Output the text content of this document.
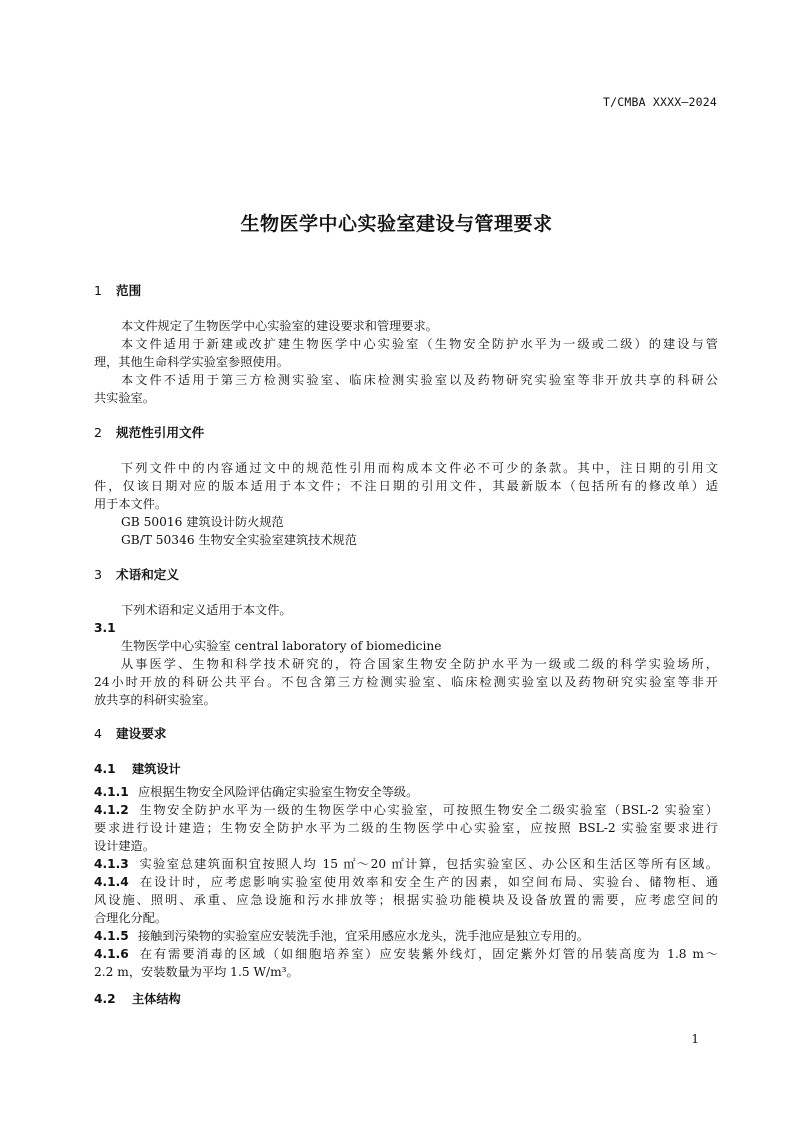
T/CMBA XXXX—2024
生物医学中心实验室建设与管理要求
1 范围
本文件规定了生物医学中心实验室的建设要求和管理要求。
本文件适用于新建或改扩建生物医学中心实验室（生物安全防护水平为一级或二级）的建设与管
理，其他生命科学实验室参照使用。
本文件不适用于第三方检测实验室、临床检测实验室以及药物研究实验室等非开放共享的科研公
共实验室。
2 规范性引用文件
下列文件中的内容通过文中的规范性引用而构成本文件必不可少的条款。其中，注日期的引用文
件，仅该日期对应的版本适用于本文件；不注日期的引用文件，其最新版本（包括所有的修改单）适
用于本文件。
GB 50016 建筑设计防火规范
GB/T 50346 生物安全实验室建筑技术规范
3 术语和定义
下列术语和定义适用于本文件。
3.1
生物医学中心实验室 central laboratory of biomedicine
从事医学、生物和科学技术研究的，符合国家生物安全防护水平为一级或二级的科学实验场所，
24小时开放的科研公共平台。不包含第三方检测实验室、临床检测实验室以及药物研究实验室等非开
放共享的科研实验室。
4 建设要求
4.1 建筑设计
4.1.1 应根据生物安全风险评估确定实验室生物安全等级。
4.1.2 生物安全防护水平为一级的生物医学中心实验室，可按照生物安全二级实验室（BSL-2 实验室）
要求进行设计建造；生物安全防护水平为二级的生物医学中心实验室，应按照 BSL-2 实验室要求进行
设计建造。
4.1.3 实验室总建筑面积宜按照人均 15 ㎡～20 ㎡计算，包括实验室区、办公区和生活区等所有区域。
4.1.4 在设计时，应考虑影响实验室使用效率和安全生产的因素，如空间布局、实验台、储物柜、通
风设施、照明、承重、应急设施和污水排放等；根据实验功能模块及设备放置的需要，应考虑空间的
合理化分配。
4.1.5 接触到污染物的实验室应安装洗手池，宜采用感应水龙头，洗手池应是独立专用的。
4.1.6 在有需要消毒的区域（如细胞培养室）应安装紫外线灯，固定紫外灯管的吊装高度为 1.8 m～
2.2 m，安装数量为平均 1.5 W/m³。
4.2 主体结构
1
